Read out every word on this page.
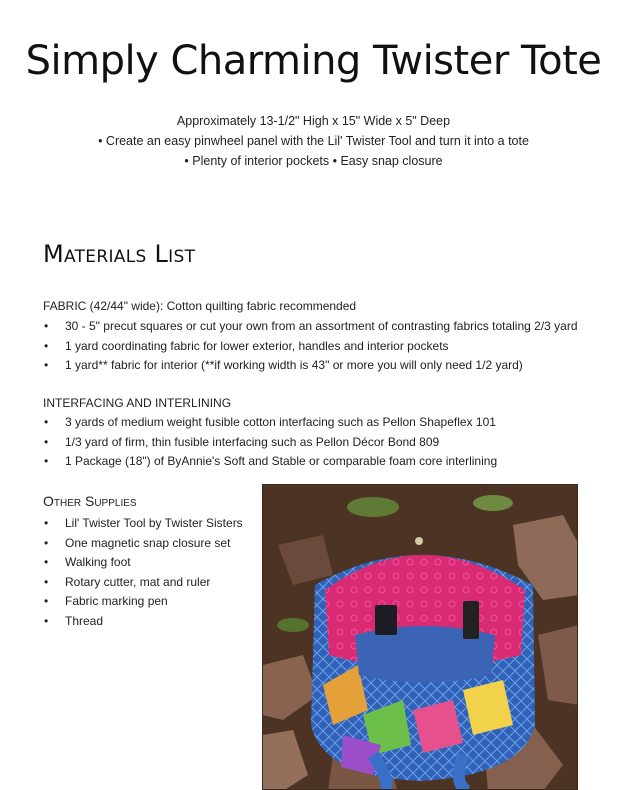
Simply Charming Twister Tote
Approximately 13-1/2" High x 15" Wide x 5" Deep
• Create an easy pinwheel panel with the Lil' Twister Tool and turn it into a tote
• Plenty of interior pockets • Easy snap closure
Materials List
FABRIC (42/44" wide): Cotton quilting fabric recommended
• 30 - 5" precut squares or cut your own from an assortment of contrasting fabrics totaling 2/3 yard
• 1 yard coordinating fabric for lower exterior, handles and interior pockets
• 1 yard** fabric for interior (**if working width is 43" or more you will only need 1/2 yard)
INTERFACING AND INTERLINING
• 3 yards of medium weight fusible cotton interfacing such as Pellon Shapeflex 101
• 1/3 yard of firm, thin fusible interfacing such as Pellon Décor Bond 809
• 1 Package (18") of ByAnnie's Soft and Stable or comparable foam core interlining
Other Supplies
• Lil' Twister Tool by Twister Sisters
• One magnetic snap closure set
• Walking foot
• Rotary cutter, mat and ruler
• Fabric marking pen
• Thread
